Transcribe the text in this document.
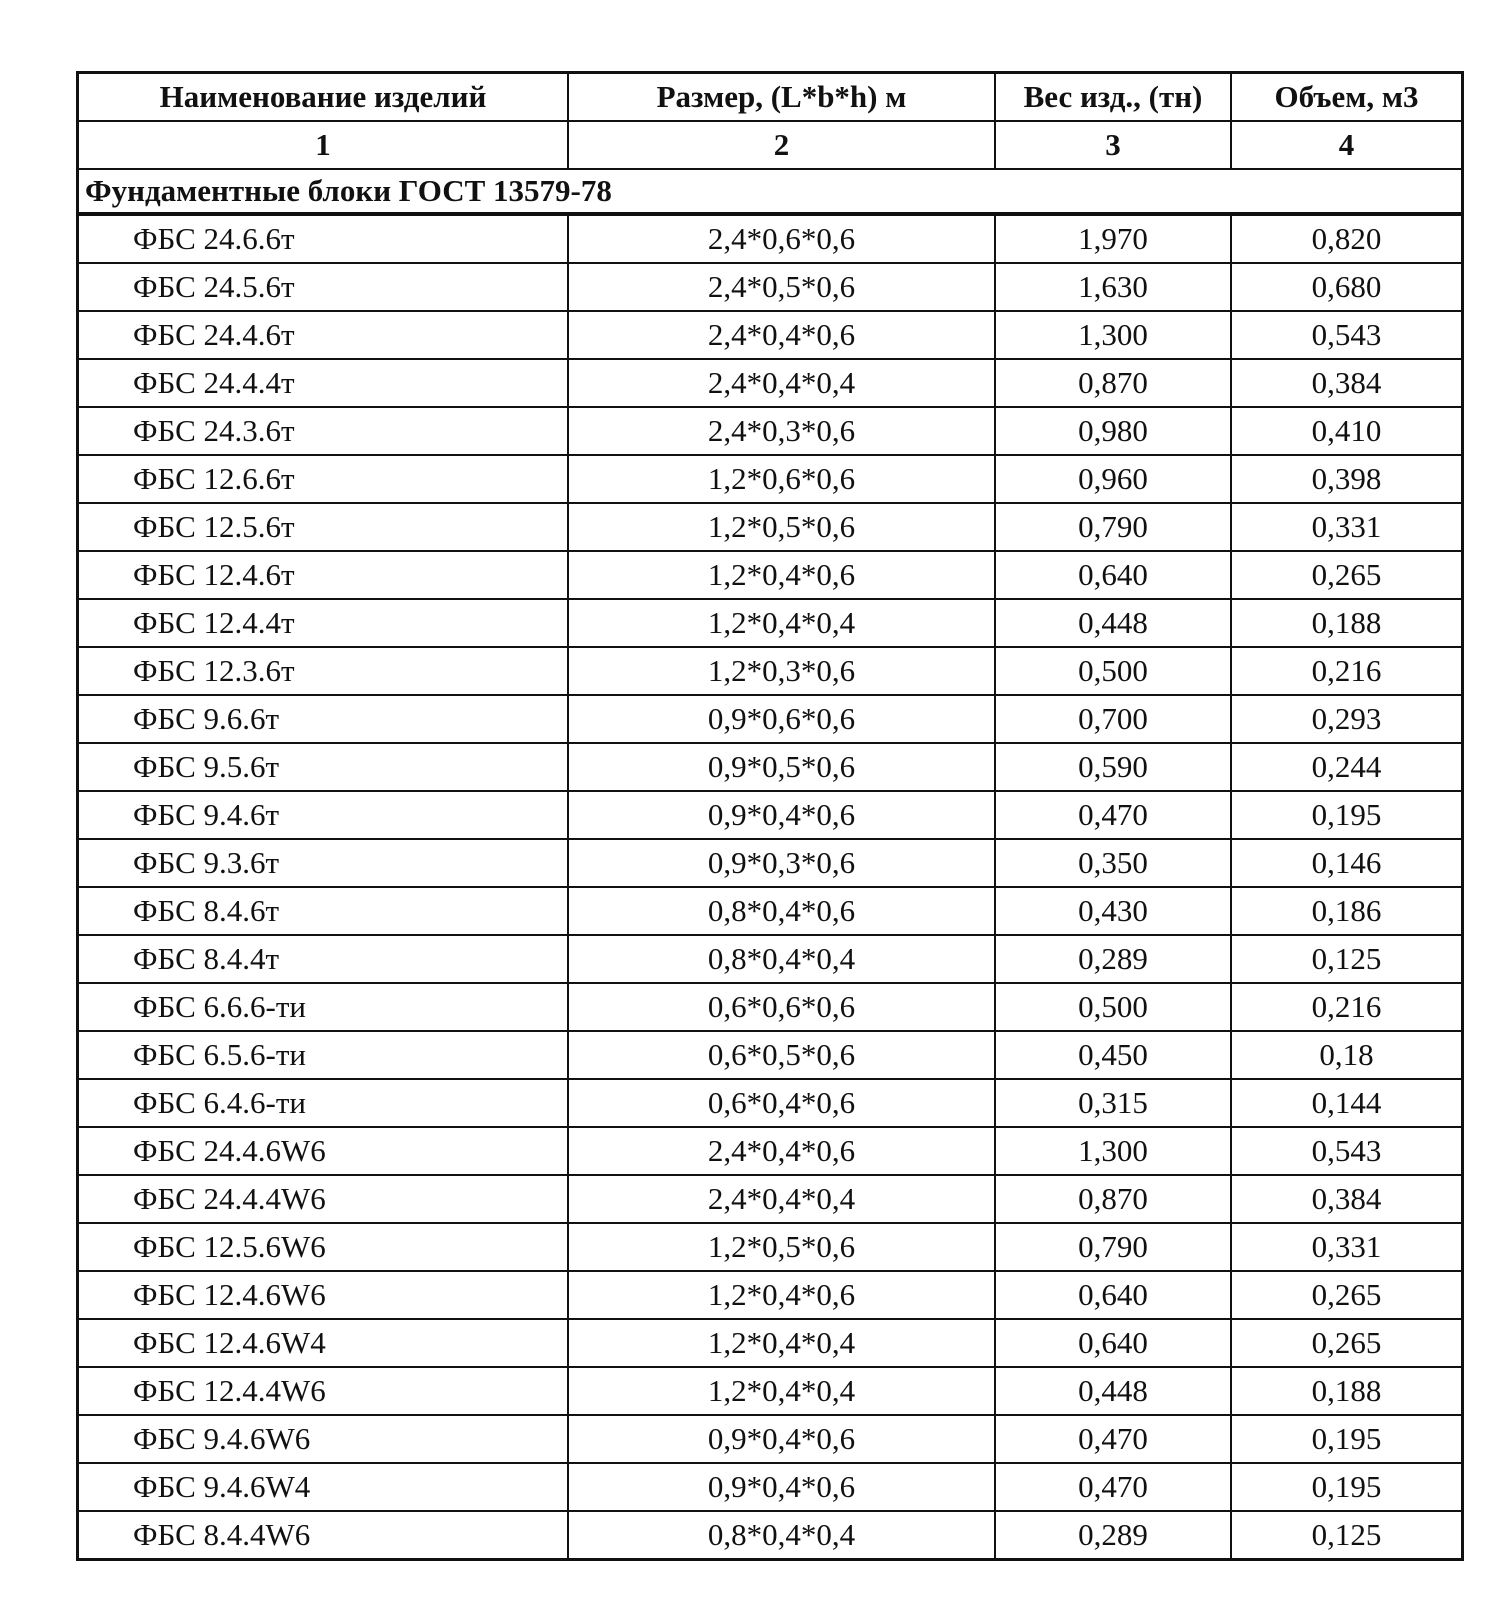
Наименование изделий	Размер, (L*b*h) м	Вес изд., (тн)	Объем, м3
1	2	3	4
Фундаментные блоки ГОСТ 13579-78
ФБС 24.6.6т	2,4*0,6*0,6	1,970	0,820
ФБС 24.5.6т	2,4*0,5*0,6	1,630	0,680
ФБС 24.4.6т	2,4*0,4*0,6	1,300	0,543
ФБС 24.4.4т	2,4*0,4*0,4	0,870	0,384
ФБС 24.3.6т	2,4*0,3*0,6	0,980	0,410
ФБС 12.6.6т	1,2*0,6*0,6	0,960	0,398
ФБС 12.5.6т	1,2*0,5*0,6	0,790	0,331
ФБС 12.4.6т	1,2*0,4*0,6	0,640	0,265
ФБС 12.4.4т	1,2*0,4*0,4	0,448	0,188
ФБС 12.3.6т	1,2*0,3*0,6	0,500	0,216
ФБС 9.6.6т	0,9*0,6*0,6	0,700	0,293
ФБС 9.5.6т	0,9*0,5*0,6	0,590	0,244
ФБС 9.4.6т	0,9*0,4*0,6	0,470	0,195
ФБС 9.3.6т	0,9*0,3*0,6	0,350	0,146
ФБС 8.4.6т	0,8*0,4*0,6	0,430	0,186
ФБС 8.4.4т	0,8*0,4*0,4	0,289	0,125
ФБС 6.6.6-ти	0,6*0,6*0,6	0,500	0,216
ФБС 6.5.6-ти	0,6*0,5*0,6	0,450	0,18
ФБС 6.4.6-ти	0,6*0,4*0,6	0,315	0,144
ФБС 24.4.6W6	2,4*0,4*0,6	1,300	0,543
ФБС 24.4.4W6	2,4*0,4*0,4	0,870	0,384
ФБС 12.5.6W6	1,2*0,5*0,6	0,790	0,331
ФБС 12.4.6W6	1,2*0,4*0,6	0,640	0,265
ФБС 12.4.6W4	1,2*0,4*0,4	0,640	0,265
ФБС 12.4.4W6	1,2*0,4*0,4	0,448	0,188
ФБС 9.4.6W6	0,9*0,4*0,6	0,470	0,195
ФБС 9.4.6W4	0,9*0,4*0,6	0,470	0,195
ФБС 8.4.4W6	0,8*0,4*0,4	0,289	0,125
